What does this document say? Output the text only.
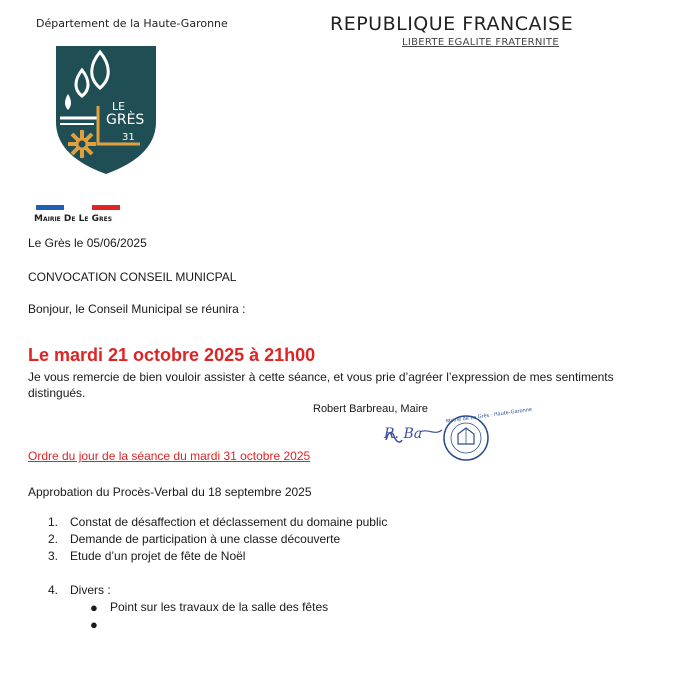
Département de la Haute-Garonne	REPUBLIQUE FRANCAISE
LIBERTE EGALITE FRATERNITE
LE
GRÈS
31
Mairie De Le Gres
Le Grès le 05/06/2025
CONVOCATION CONSEIL MUNICPAL
Bonjour, le Conseil Municipal se réunira :
Le mardi 21 octobre 2025 à 21h00
Je vous remercie de bien vouloir assister à cette séance, et vous prie d’agréer l’expression de mes sentiments distingués.
Robert Barbreau, Maire	Mairie de Le Grès · Haute-Garonne
R. Ba
Ordre du jour de la séance du mardi 31 octobre 2025
Approbation du Procès-Verbal du 18 septembre 2025
1. Constat de désaffection et déclassement du domaine public
2. Demande de participation à une classe découverte
3. Etude d’un projet de fête de Noël
4. Divers :
● Point sur les travaux de la salle des fêtes
●
